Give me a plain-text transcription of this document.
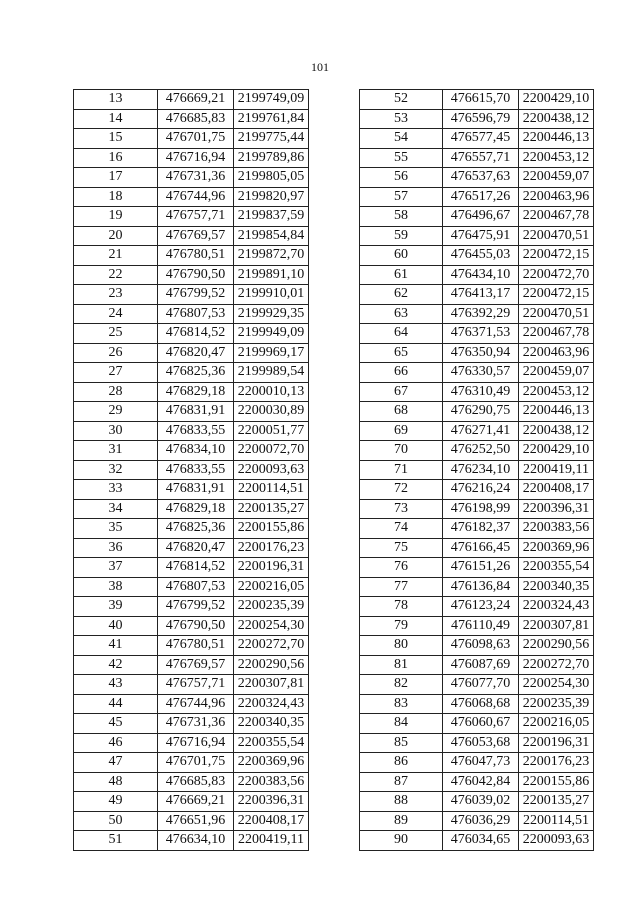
101
13	476669,21	2199749,09
14	476685,83	2199761,84
15	476701,75	2199775,44
16	476716,94	2199789,86
17	476731,36	2199805,05
18	476744,96	2199820,97
19	476757,71	2199837,59
20	476769,57	2199854,84
21	476780,51	2199872,70
22	476790,50	2199891,10
23	476799,52	2199910,01
24	476807,53	2199929,35
25	476814,52	2199949,09
26	476820,47	2199969,17
27	476825,36	2199989,54
28	476829,18	2200010,13
29	476831,91	2200030,89
30	476833,55	2200051,77
31	476834,10	2200072,70
32	476833,55	2200093,63
33	476831,91	2200114,51
34	476829,18	2200135,27
35	476825,36	2200155,86
36	476820,47	2200176,23
37	476814,52	2200196,31
38	476807,53	2200216,05
39	476799,52	2200235,39
40	476790,50	2200254,30
41	476780,51	2200272,70
42	476769,57	2200290,56
43	476757,71	2200307,81
44	476744,96	2200324,43
45	476731,36	2200340,35
46	476716,94	2200355,54
47	476701,75	2200369,96
48	476685,83	2200383,56
49	476669,21	2200396,31
50	476651,96	2200408,17
51	476634,10	2200419,11
52	476615,70	2200429,10
53	476596,79	2200438,12
54	476577,45	2200446,13
55	476557,71	2200453,12
56	476537,63	2200459,07
57	476517,26	2200463,96
58	476496,67	2200467,78
59	476475,91	2200470,51
60	476455,03	2200472,15
61	476434,10	2200472,70
62	476413,17	2200472,15
63	476392,29	2200470,51
64	476371,53	2200467,78
65	476350,94	2200463,96
66	476330,57	2200459,07
67	476310,49	2200453,12
68	476290,75	2200446,13
69	476271,41	2200438,12
70	476252,50	2200429,10
71	476234,10	2200419,11
72	476216,24	2200408,17
73	476198,99	2200396,31
74	476182,37	2200383,56
75	476166,45	2200369,96
76	476151,26	2200355,54
77	476136,84	2200340,35
78	476123,24	2200324,43
79	476110,49	2200307,81
80	476098,63	2200290,56
81	476087,69	2200272,70
82	476077,70	2200254,30
83	476068,68	2200235,39
84	476060,67	2200216,05
85	476053,68	2200196,31
86	476047,73	2200176,23
87	476042,84	2200155,86
88	476039,02	2200135,27
89	476036,29	2200114,51
90	476034,65	2200093,63
